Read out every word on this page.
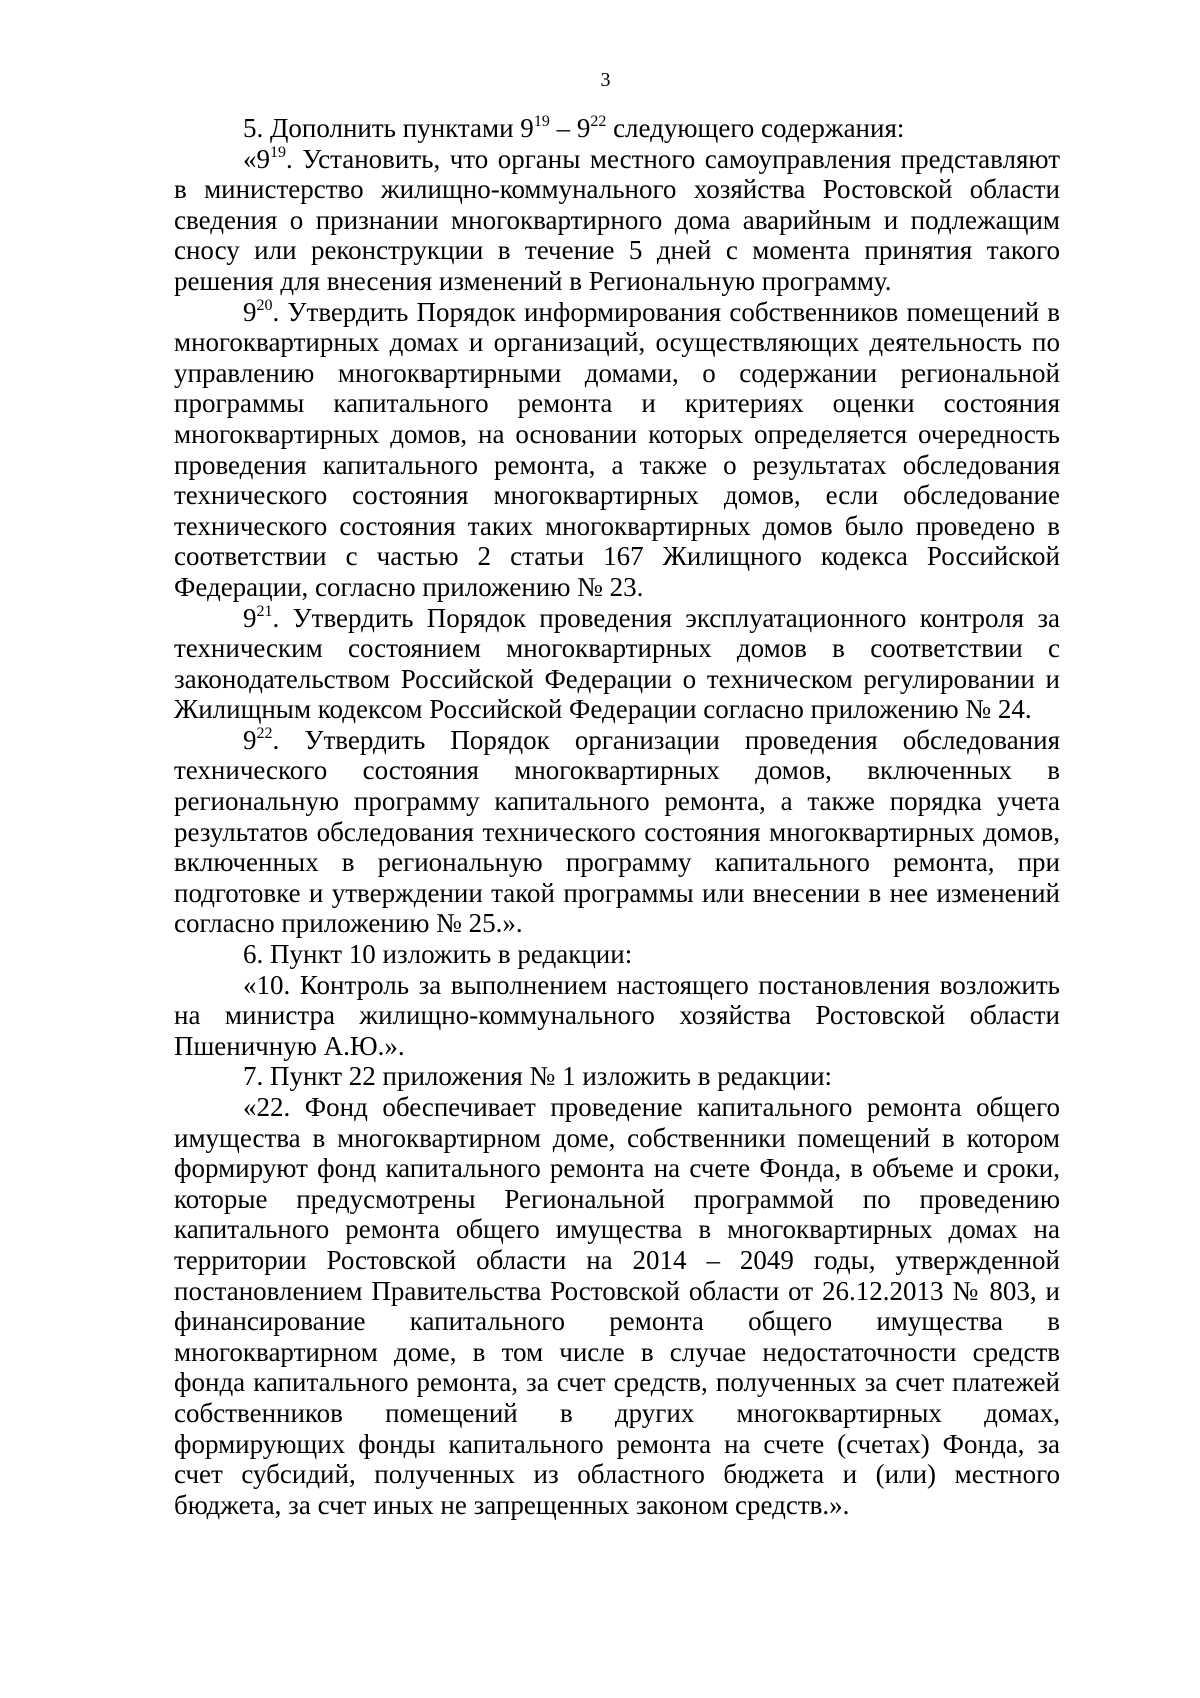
3

5. Дополнить пунктами $9^{19} - 9^{22}$ следующего содержания:

«$9^{19}$. Установить, что органы местного самоуправления представляют в министерство жилищно-коммунального хозяйства Ростовской области сведения о признании многоквартирного дома аварийным и подлежащим сносу или реконструкции в течение 5 дней с момента принятия такого решения для внесения изменений в Региональную программу.

$9^{20}$. Утвердить Порядок информирования собственников помещений в многоквартирных домах и организаций, осуществляющих деятельность по управлению многоквартирными домами, о содержании региональной программы капитального ремонта и критериях оценки состояния многоквартирных домов, на основании которых определяется очередность проведения капитального ремонта, а также о результатах обследования технического состояния многоквартирных домов, если обследование технического состояния таких многоквартирных домов было проведено в соответствии с частью 2 статьи 167 Жилищного кодекса Российской Федерации, согласно приложению № 23.

$9^{21}$. Утвердить Порядок проведения эксплуатационного контроля за техническим состоянием многоквартирных домов в соответствии с законодательством Российской Федерации о техническом регулировании и Жилищным кодексом Российской Федерации согласно приложению № 24.

$9^{22}$. Утвердить Порядок организации проведения обследования технического состояния многоквартирных домов, включенных в региональную программу капитального ремонта, а также порядка учета результатов обследования технического состояния многоквартирных домов, включенных в региональную программу капитального ремонта, при подготовке и утверждении такой программы или внесении в нее изменений согласно приложению № 25.».

6. Пункт 10 изложить в редакции:

«10. Контроль за выполнением настоящего постановления возложить на министра жилищно-коммунального хозяйства Ростовской области Пшеничную А.Ю.».

7. Пункт 22 приложения № 1 изложить в редакции:

«22. Фонд обеспечивает проведение капитального ремонта общего имущества в многоквартирном доме, собственники помещений в котором формируют фонд капитального ремонта на счете Фонда, в объеме и сроки, которые предусмотрены Региональной программой по проведению капитального ремонта общего имущества в многоквартирных домах на территории Ростовской области на 2014 – 2049 годы, утвержденной постановлением Правительства Ростовской области от 26.12.2013 № 803, и финансирование капитального ремонта общего имущества в многоквартирном доме, в том числе в случае недостаточности средств фонда капитального ремонта, за счет средств, полученных за счет платежей собственников помещений в других многоквартирных домах, формирующих фонды капитального ремонта на счете (счетах) Фонда, за счет субсидий, полученных из областного бюджета и (или) местного бюджета, за счет иных не запрещенных законом средств.».
